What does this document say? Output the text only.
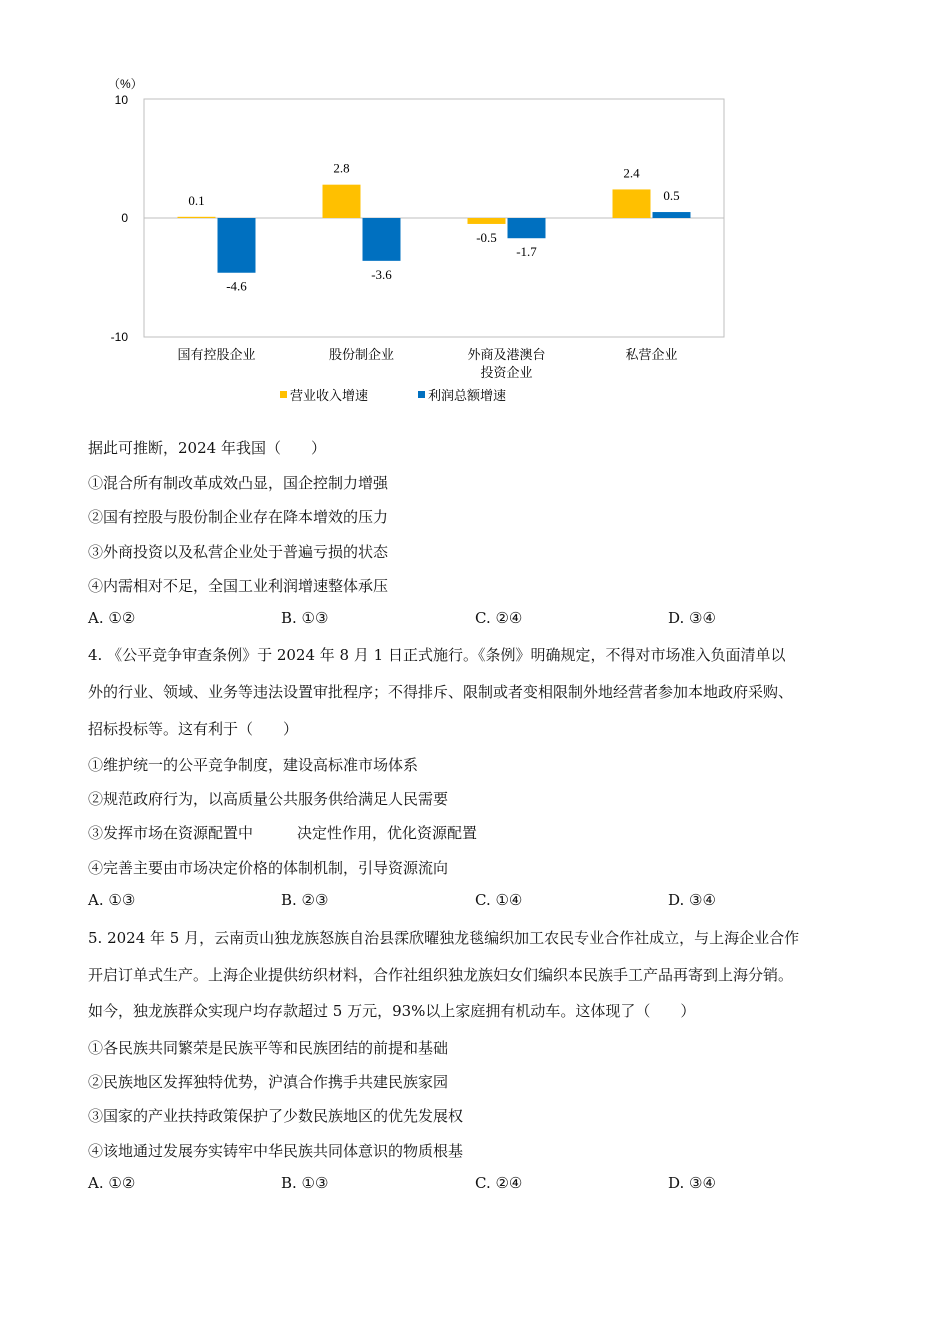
（%）
10
0
-10
0.1
-4.6
2.8
-3.6
-0.5
-1.7
2.4
0.5
国有控股企业	股份制企业	外商及港澳台
投资企业
私营企业
营业收入增速	利润总额增速
据此可推断，2024 年我国（　　）
①混合所有制改革成效凸显，国企控制力增强
②国有控股与股份制企业存在降本增效的压力
③外商投资以及私营企业处于普遍亏损的状态
④内需相对不足，全国工业利润增速整体承压
A. ①②	B. ①③	C. ②④	D. ③④
4. 《公平竞争审查条例》于 2024 年 8 月 1 日正式施行。《条例》明确规定，不得对市场准入负面清单以
外的行业、领域、业务等违法设置审批程序；不得排斥、限制或者变相限制外地经营者参加本地政府采购、
招标投标等。这有利于（　　）
①维护统一的公平竞争制度，建设高标准市场体系
②规范政府行为，以高质量公共服务供给满足人民需要
③发挥市场在资源配置中	决定性作用，优化资源配置
④完善主要由市场决定价格的体制机制，引导资源流向
A. ①③	B. ②③	C. ①④	D. ③④
5. 2024 年 5 月，云南贡山独龙族怒族自治县霂欣曜独龙毯编织加工农民专业合作社成立，与上海企业合作
开启订单式生产。上海企业提供纺织材料，合作社组织独龙族妇女们编织本民族手工产品再寄到上海分销。
如今，独龙族群众实现户均存款超过 5 万元，93%以上家庭拥有机动车。这体现了（　　）
①各民族共同繁荣是民族平等和民族团结的前提和基础
②民族地区发挥独特优势，沪滇合作携手共建民族家园
③国家的产业扶持政策保护了少数民族地区的优先发展权
④该地通过发展夯实铸牢中华民族共同体意识的物质根基
A. ①②	B. ①③	C. ②④	D. ③④
